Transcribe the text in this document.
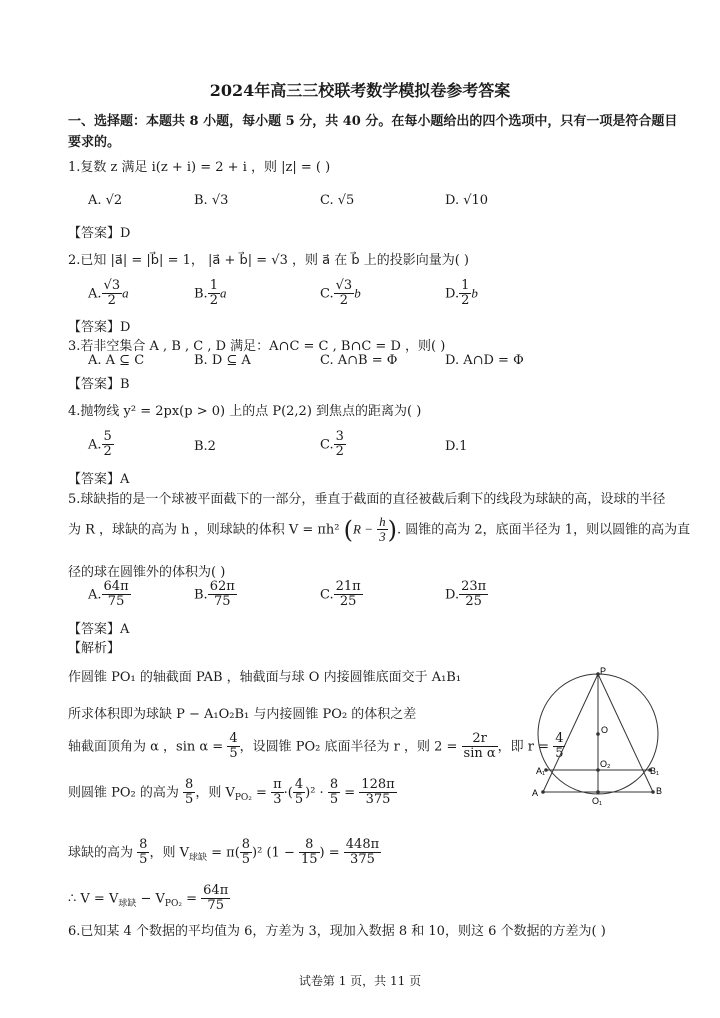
2024年高三三校联考数学模拟卷参考答案
一、选择题：本题共 8 小题，每小题 5 分，共 40 分。在每小题给出的四个选项中，只有一项是符合题目
要求的。
1.复数 z 满足 i(z + i) = 2 + i ，则 |z| = ( )
A. √2	B. √3	C. √5	D. √10
【答案】D
2.已知 |a⃗| = |b⃗| = 1， |a⃗ + b⃗| = √3 ，则 a⃗ 在 b⃗ 上的投影向量为( )
A. $\frac{√3}{2}$ a⃗	B. $\frac{1}{2}$ a⃗	C. $\frac{√3}{2}$ b⃗	D. $\frac{1}{2}$ b⃗
【答案】D
3.若非空集合 A , B , C , D 满足：A∩C = C , B∩C = D ，则( )
A. A ⊆ C	B. D ⊆ A	C. A∩B = Φ	D. A∩D = Φ
【答案】B
4.抛物线 y² = 2px(p > 0) 上的点 P(2,2) 到焦点的距离为( )
A. $\frac{5}{2}$	B.2	C. $\frac{3}{2}$	D.1
【答案】A
5.球缺指的是一个球被平面截下的一部分，垂直于截面的直径被截后剩下的线段为球缺的高，设球的半径
为 R ，球缺的高为 h ，则球缺的体积 V = πh² ($R - \frac{h}{3}$ ). 圆锥的高为 2，底面半径为 1，则以圆锥的高为直
径的球在圆锥外的体积为( )
A. $\frac{64\pi}{75}$	B. $\frac{62\pi}{75}$	C. $\frac{21\pi}{25}$	D. $\frac{23\pi}{25}$
【答案】A
【解析】
作圆锥 PO₁ 的轴截面 PAB ，轴截面与球 O 内接圆锥底面交于 A₁B₁
所求体积即为球缺 P − A₁O₂B₁ 与内接圆锥 PO₂ 的体积之差
轴截面顶角为 α ，$\sin \alpha = \frac{4}{5}$ ，设圆锥 PO₂ 底面半径为 r ，则 $2 = \frac{2r}{\text{sin α}}$ ，即 $r = \frac{4}{5}$
则圆锥 PO₂ 的高为 $\frac{8}{5}$ ，则 $V_{PO_2} = \frac{\pi}{3}$ ·( $\frac{4}{5} )^2 \cdot \frac{8}{5} = \frac{128\pi}{375}$
球缺的高为 $\frac{8}{5}$ ，则 $V_{球缺} = \pi( \frac{8}{5} )^2$ ($1 - \frac{8}{15}$ ) = $\frac{448\pi}{375}$
∴ $V = V_{球缺} - V_{PO_2} = \frac{64\pi}{75}$
6.已知某 4 个数据的平均值为 6，方差为 3，现加入数据 8 和 10，则这 6 个数据的方差为( )
P
O
O₂
A₁	B₁
A	B
O₁
试卷第 1 页，共 11 页
